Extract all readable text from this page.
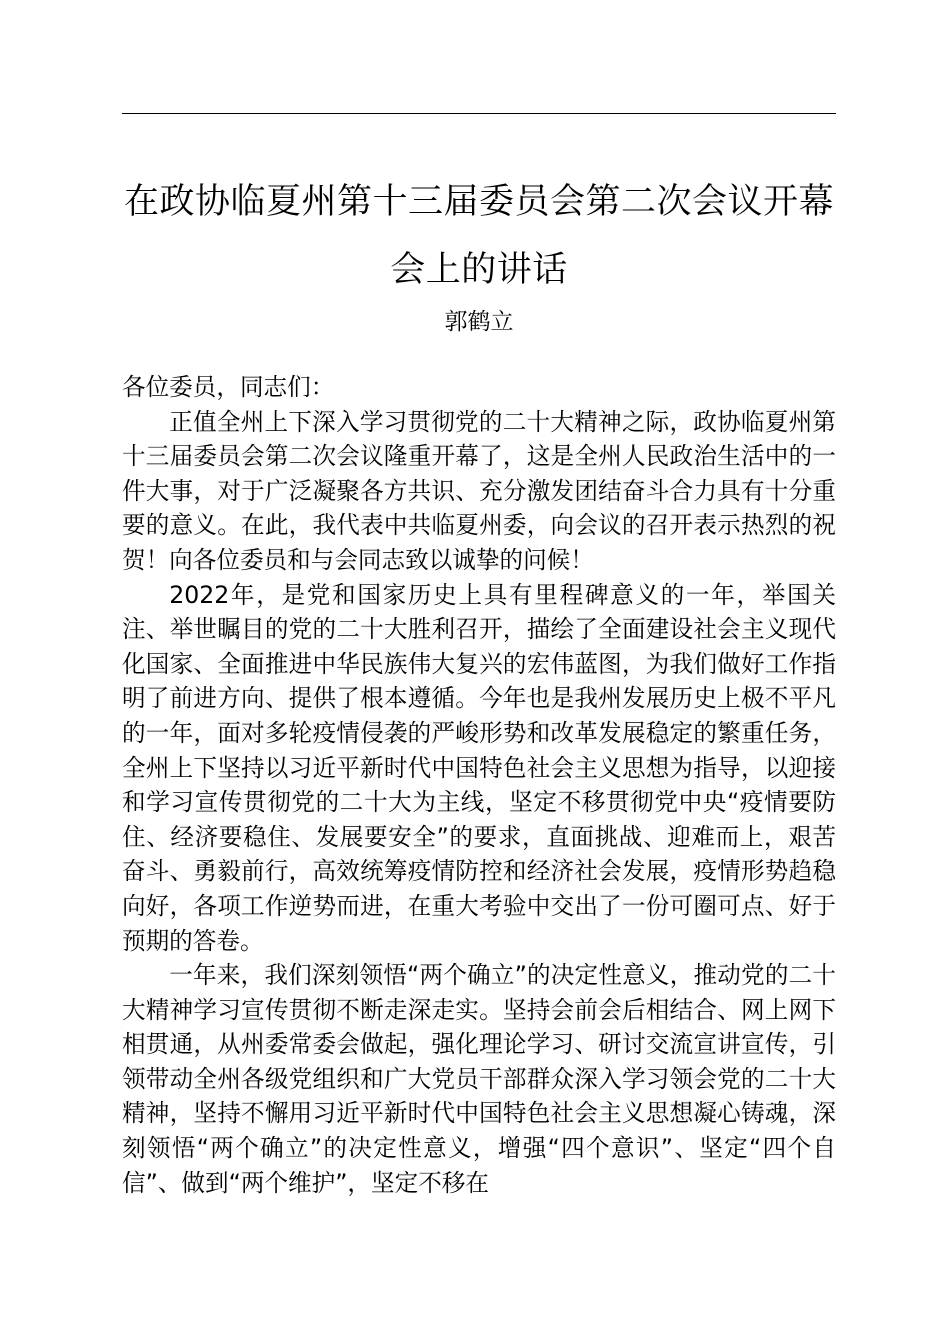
在政协临夏州第十三届委员会第二次会议开幕会上的讲话
郭鹤立

各位委员，同志们：

正值全州上下深入学习贯彻党的二十大精神之际，政协临夏州第十三届委员会第二次会议隆重开幕了，这是全州人民政治生活中的一件大事，对于广泛凝聚各方共识、充分激发团结奋斗合力具有十分重要的意义。在此，我代表中共临夏州委，向会议的召开表示热烈的祝贺！向各位委员和与会同志致以诚挚的问候！

2022年，是党和国家历史上具有里程碑意义的一年，举国关注、举世瞩目的党的二十大胜利召开，描绘了全面建设社会主义现代化国家、全面推进中华民族伟大复兴的宏伟蓝图，为我们做好工作指明了前进方向、提供了根本遵循。今年也是我州发展历史上极不平凡的一年，面对多轮疫情侵袭的严峻形势和改革发展稳定的繁重任务，全州上下坚持以习近平新时代中国特色社会主义思想为指导，以迎接和学习宣传贯彻党的二十大为主线，坚定不移贯彻党中央“疫情要防住、经济要稳住、发展要安全”的要求，直面挑战、迎难而上，艰苦奋斗、勇毅前行，高效统筹疫情防控和经济社会发展，疫情形势趋稳向好，各项工作逆势而进，在重大考验中交出了一份可圈可点、好于预期的答卷。

一年来，我们深刻领悟“两个确立”的决定性意义，推动党的二十大精神学习宣传贯彻不断走深走实。坚持会前会后相结合、网上网下相贯通，从州委常委会做起，强化理论学习、研讨交流宣讲宣传，引领带动全州各级党组织和广大党员干部群众深入学习领会党的二十大精神，坚持不懈用习近平新时代中国特色社会主义思想凝心铸魂，深刻领悟“两个确立”的决定性意义，增强“四个意识”、坚定“四个自信”、做到“两个维护”，坚定不移在
